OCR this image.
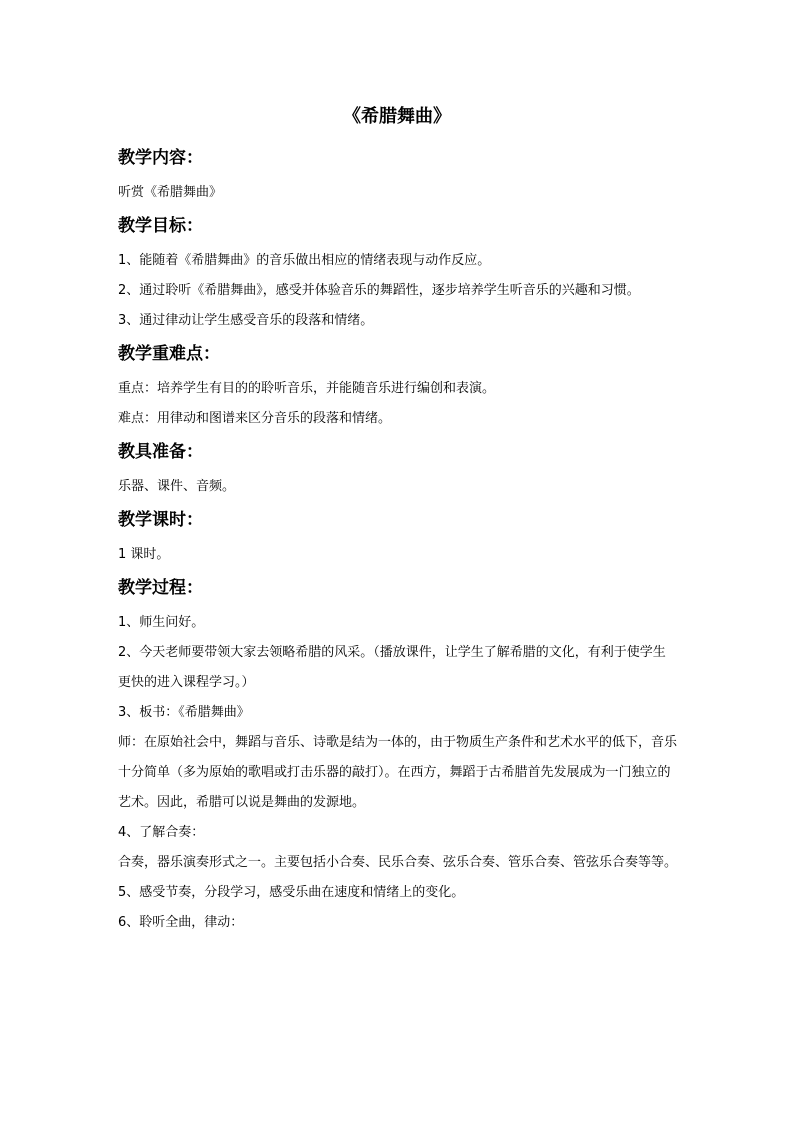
《希腊舞曲》
教学内容：

听赏《希腊舞曲》

教学目标：

1、能随着《希腊舞曲》的音乐做出相应的情绪表现与动作反应。

2、通过聆听《希腊舞曲》，感受并体验音乐的舞蹈性，逐步培养学生听音乐的兴趣和习惯。

3、通过律动让学生感受音乐的段落和情绪。

教学重难点：

重点：培养学生有目的的聆听音乐，并能随音乐进行编创和表演。

难点：用律动和图谱来区分音乐的段落和情绪。

教具准备：

乐器、课件、音频。

教学课时：

1 课时。

教学过程：

1、师生问好。

2、今天老师要带领大家去领略希腊的风采。（播放课件，让学生了解希腊的文化，有利于使学生更快的进入课程学习。）

3、板书：《希腊舞曲》

师：在原始社会中，舞蹈与音乐、诗歌是结为一体的，由于物质生产条件和艺术水平的低下，音乐十分简单（多为原始的歌唱或打击乐器的敲打）。在西方，舞蹈于古希腊首先发展成为一门独立的艺术。因此，希腊可以说是舞曲的发源地。

4、了解合奏：

合奏，器乐演奏形式之一。主要包括小合奏、民乐合奏、弦乐合奏、管乐合奏、管弦乐合奏等等。

5、感受节奏，分段学习，感受乐曲在速度和情绪上的变化。

6、聆听全曲，律动：
